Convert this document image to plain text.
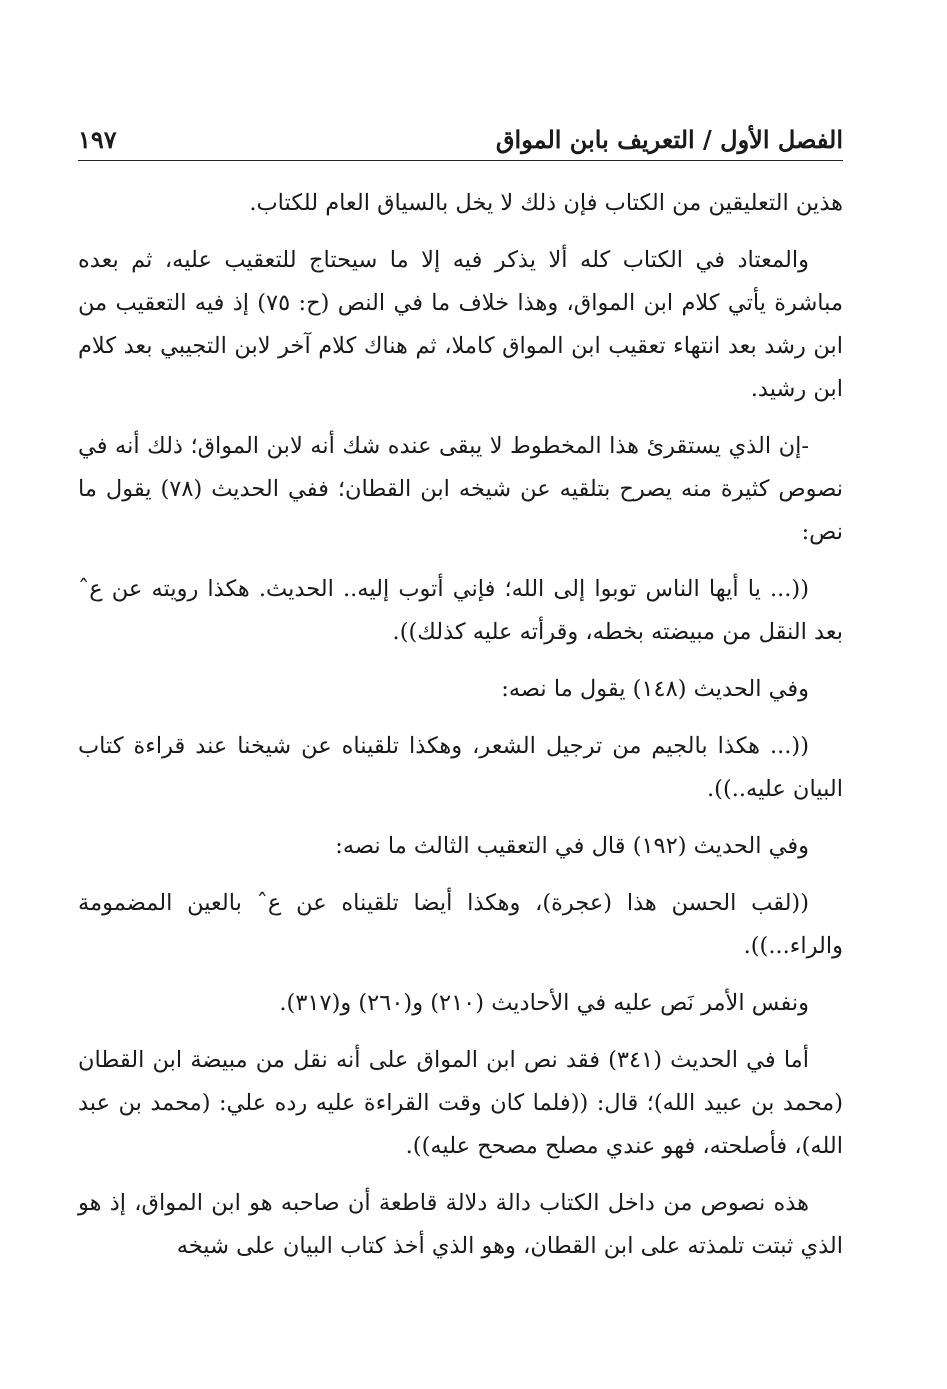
الفصل الأول / التعريف بابن المواق
١٩٧

هذين التعليقين من الكتاب فإن ذلك لا يخل بالسياق العام للكتاب.

والمعتاد في الكتاب كله ألا يذكر فيه إلا ما سيحتاج للتعقيب عليه، ثم بعده مباشرة يأتي كلام ابن المواق، وهذا خلاف ما في النص (ح: ٧٥) إذ فيه التعقيب من ابن رشد بعد انتهاء تعقيب ابن المواق كاملا، ثم هناك كلام آخر لابن التجيبي بعد كلام ابن رشيد.

-إن الذي يستقرئ هذا المخطوط لا يبقى عنده شك أنه لابن المواق؛ ذلك أنه في نصوص كثيرة منه يصرح بتلقيه عن شيخه ابن القطان؛ ففي الحديث (٧٨) يقول ما نص:

((... يا أيها الناس توبوا إلى الله؛ فإني أتوب إليه.. الحديث. هكذا رويته عن عˆ بعد النقل من مبيضته بخطه، وقرأته عليه كذلك)).

وفي الحديث (١٤٨) يقول ما نصه:

((... هكذا بالجيم من ترجيل الشعر، وهكذا تلقيناه عن شيخنا عند قراءة كتاب البيان عليه..)).

وفي الحديث (١٩٢) قال في التعقيب الثالث ما نصه:

((لقب الحسن هذا (عجرة)، وهكذا أيضا تلقيناه عن عˆ بالعين المضمومة والراء...)).

ونفس الأمر نَص عليه في الأحاديث (٢١٠) و(٢٦٠) و(٣١٧).

أما في الحديث (٣٤١) فقد نص ابن المواق على أنه نقل من مبيضة ابن القطان (محمد بن عبيد الله)؛ قال: ((فلما كان وقت القراءة عليه رده علي: (محمد بن عبد الله)، فأصلحته، فهو عندي مصلح مصحح عليه)).

هذه نصوص من داخل الكتاب دالة دلالة قاطعة أن صاحبه هو ابن المواق، إذ هو الذي ثبتت تلمذته على ابن القطان، وهو الذي أخذ كتاب البيان على شيخه
